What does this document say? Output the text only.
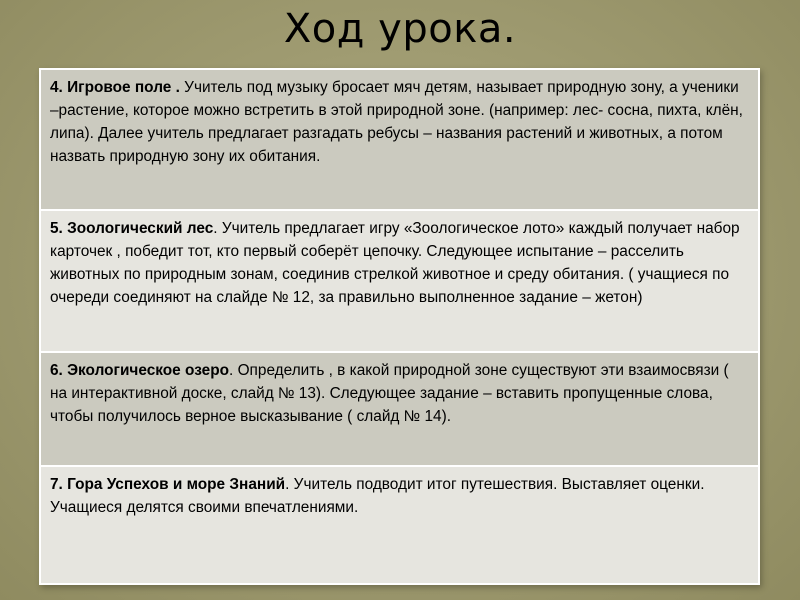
Ход урока.
4. Игровое поле . Учитель под музыку бросает мяч детям, называет природную зону, а ученики –растение, которое можно встретить в этой природной зоне. (например: лес- сосна, пихта, клён, липа). Далее учитель предлагает разгадать ребусы – названия растений и животных, а потом назвать природную зону их обитания.
5. Зоологический лес. Учитель предлагает игру «Зоологическое лото» каждый получает набор карточек , победит тот, кто первый соберёт цепочку. Следующее испытание – расселить животных по природным зонам, соединив стрелкой животное и среду обитания. ( учащиеся по очереди соединяют на слайде № 12, за правильно выполненное задание – жетон)
6. Экологическое озеро. Определить , в какой природной зоне существуют эти взаимосвязи ( на интерактивной доске, слайд № 13). Следующее задание – вставить пропущенные слова, чтобы получилось верное высказывание ( слайд № 14).
7. Гора Успехов и море Знаний. Учитель подводит итог путешествия. Выставляет оценки. Учащиеся делятся своими впечатлениями.
